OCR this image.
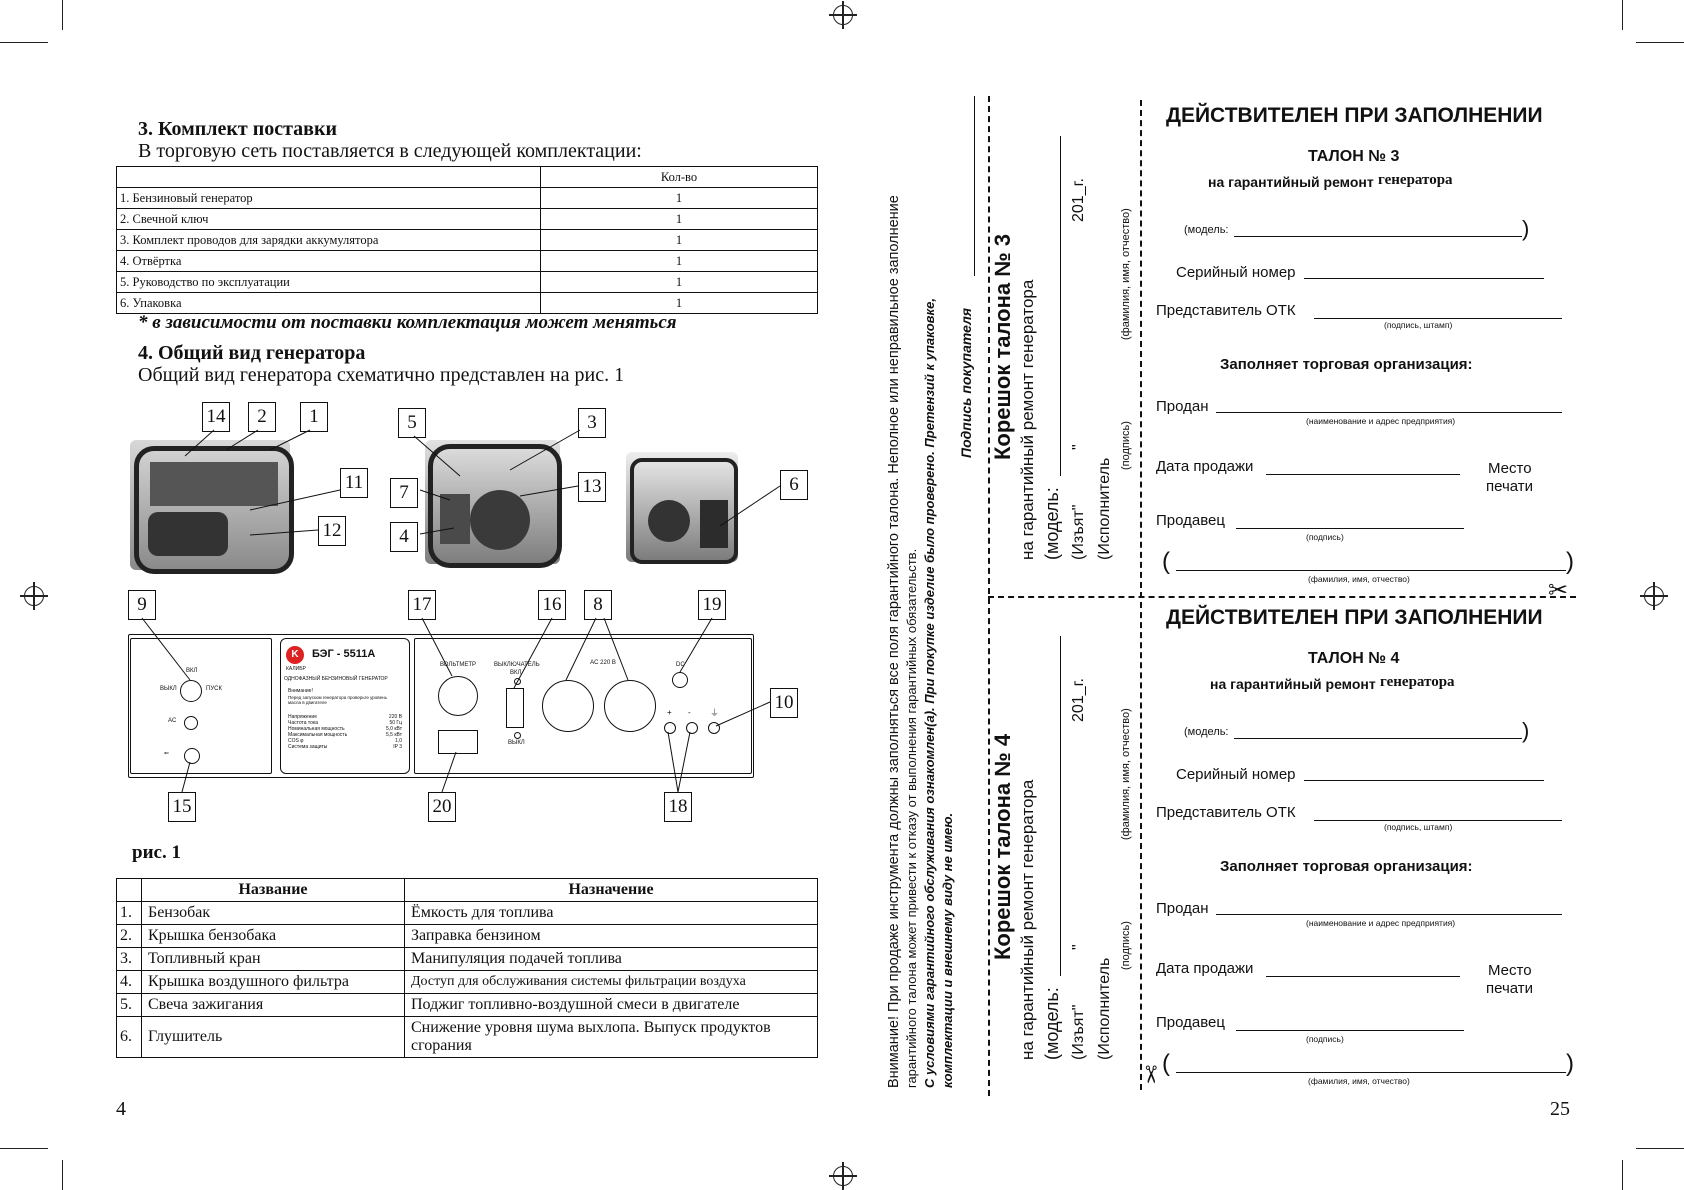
3. Комплект поставки
В торговую сеть поставляется в следующей комплектации:
	Кол-во
1. Бензиновый генератор	1
2. Свечной ключ	1
3. Комплект проводов для зарядки аккумулятора	1
4. Отвёртка	1
5. Руководство по эксплуатации	1
6. Упаковка	1
* в зависимости от поставки комплектация может меняться
4. Общий вид генератора
Общий вид генератора схематично представлен на рис. 1
14	2	1
11
12
5	3
7	13
4
6
ВКЛ
ВЫКЛ	ПУСК
AC
⇐
K	БЭГ - 5511А
КАЛИБР
ОДНОФАЗНЫЙ БЕНЗИНОВЫЙ ГЕНЕРАТОР
Внимание!
Перед запуском генератора проверьте уровень масла в двигателе
Напряжение	220 В
Частота тока	50 Гц
Номинальная мощность	5,0 кВт
Максимальная мощность	5,5 кВт
COS φ	1,0
Система защиты	IP 3
ВОЛЬТМЕТР	ВЫКЛЮЧАТЕЛЬ
ВКЛ
ВЫКЛ
AC 220 В	DC
+ - ⏚
9	17	16	8	19
10
15	20	18
рис. 1
	Название	Назначение
1.	Бензобак	Ёмкость для топлива
2.	Крышка бензобака	Заправка бензином
3.	Топливный кран	Манипуляция подачей топлива
4.	Крышка воздушного фильтра	Доступ для обслуживания системы фильтрации воздуха
5.	Свеча зажигания	Поджиг топливно-воздушной смеси в двигателе
6.	Глушитель	Снижение уровня шума выхлопа. Выпуск продуктов сгорания
4
Внимание! При продаже инструмента должны заполняться все поля гарантийного талона. Неполное или неправильное заполнение гарантийного талона может привести к отказу от выполнения гарантийных обязательств. С условиями гарантийного обслуживания ознакомлен(а). При покупке изделие было проверено. Претензий к упаковке, комплектации и внешнему виду не имею.
Подпись покупателя Корешок талона № 3 на гарантийный ремонт генератора (модель: (Изъят"
"
201_г.
(Исполнитель
(подпись)
(фамилия, имя, отчество)
Корешок талона № 4 на гарантийный ремонт генератора (модель: (Изъят"
"
201_г.
(Исполнитель
(подпись)
(фамилия, имя, отчество)
ДЕЙСТВИТЕЛЕН ПРИ ЗАПОЛНЕНИИ
ТАЛОН № 3
на гарантийный ремонт генератора
(модель:	)
Серийный номер
Представитель ОТК
(подпись, штамп)
Заполняет торговая организация:
Продан
(наименование и адрес предприятия)
Дата продажи	Место
печати
Продавец
(подпись)
(	)
(фамилия, имя, отчество)	✂
ДЕЙСТВИТЕЛЕН ПРИ ЗАПОЛНЕНИИ
ТАЛОН № 4
на гарантийный ремонт генератора
(модель:	)
Серийный номер
Представитель ОТК
(подпись, штамп)
Заполняет торговая организация:
Продан
(наименование и адрес предприятия)
Дата продажи	Место
печати
Продавец
(подпись)
(	)
(фамилия, имя, отчество)
✂
25
